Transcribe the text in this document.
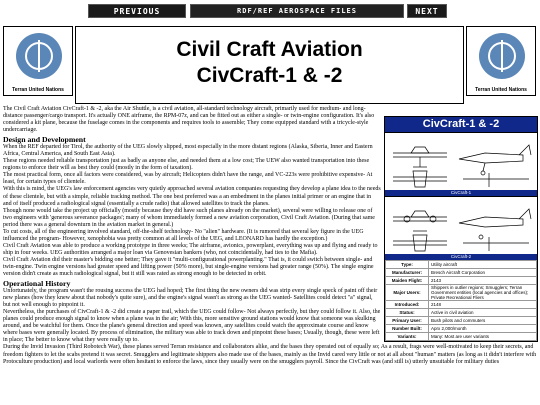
PREVIOUS	RDF/REF AEROSPACE FILES	NEXT
Terran United Nations	Terran United Nations
Civil Craft Aviation
CivCraft-1 & -2
CivCraft-1 & -2
CivCraft-1
CivCraft-2
Type:	Utility aircraft
Manufacturer:	Bresch Aircraft Corporation
Maiden Flight:	2143
Major Users:	Shippers in outlier regions; Smugglers; Terran Government entities (local agencies and offices); Private Recreational Fliers
Introduced:	2148
Status:	Active in civil aviation
Primary User:	Bush pilots and commuters
Number Built:	Aprx 2,000/month
Variants:	Many: Most are user variants

The Civil Craft Aviation CivCraft-1 & -2, aka the Air Shuttle, is a civil aviation, all-standard technology aircraft, primarily used for medium- and long-distance passenger/cargo transport. It's actually ONE airframe, the RPM-07z, and can be fitted out as either a single- or twin-engine configuration. It's also considered a kit plane, because the fuselage comes in the components and requires tools to assemble; They come equipped standard with a tricycle-style undercarriage.

Design and Development

When the REF departed for Tirol, the authority of the UEG slowly slipped, most especially in the more distant regions (Alaska, Siberia, Inner and Eastern Africa, Central America, and South East Asia).

These regions needed reliable transportation just as badly as anyone else, and needed them at a low cost; The UEW also wanted transportation into these regions to enforce their will as best they could (mostly in the form of taxation).

The most practical form, once all factors were considered, was by aircraft; Helicopters didn't have the range, and VC-223s were prohibitive expensive- At least, for certain types of clientele.

With this is mind, the UEG's law enforcement agencies very quietly approached several aviation companies requesting they develop a plane idea to the needs of these clientele, but with a simple, reliable tracking method. The one best preferred was a an embedment in the planes initial primer or an engine that in and of itself produced a radiological signal (essentially a crude radio) that allowed satellites to track the planes.

Though none would take the project up officially (mostly because they did have such planes already on the market), several were willing to release one of two engineers with 'generous severance packages'; many of whom immediately formed a new aviation corporation, Civil Craft Aviation. (During that same period there was a general downturn in the aviation market in general.)

To cut costs, all of the engineering involved standard, off-the-shelf technology- No "alien" hardware. (It is rumored that several key figure in the UEG influenced the program- However, xenophobia was pretty common at all levels of the UEG, and LEONARD has hardly the exception.)

Civil Craft Aviation was able to produce a working prototype in three weeks; The airframe, avionics, powerplant, everything was up and flying and ready to ship in four weeks. UEG authorities arranged a major loan via Genovesian bankers (who, not coincidentally, had ties to the Mafia).

Civil Craft Aviation did their master's bidding one better; They gave it "multi-configurational powerplanting." That is, it could switch between single- and twin-engine. Twin engine versions had greater speed and lifting power (50% more), but single-engine versions had greater range (50%). The single engine version didn't create as much radiological signal, but it still was rated as strong enough to be detected in orbit.

Operational History

Unfortunately, the program wasn't the rousing success the UEG had hoped; The first thing the new owners did was strip every single speck of paint off their new planes (how they knew about that nobody's quite sure), and the engine's signal wasn't as strong as the UEG wanted- Satellites could detect "a" signal, but not well enough to pinpoint it.

Nevertheless, the purchases of CivCraft-1 & -2 did create a paper trail, which the UEG could follow- Not always perfectly, but they could follow it. Also, the planes could produce enough signal to know when a plane was in the air; With this, more sensitive ground stations would know that someone was skulking around, and be watchful for them. Once the plane's general direction and speed was known, any satellites could watch the approximate course and know where bases were generally located. By process of elimination, the military was able to track down and pinpoint these bases; Usually, though, these were left in place; The better to know what they were really up to.

During the Invid Invasion (Third Robotech War), these planes served Terran resistance and collaborators alike, and the bases they operated out of equally so; As a result, frags were well-motivated to keep their secrets, and freedom fighters to let the scabs pretend it was secret. Smugglers and legitimate shippers also made use of the bases, mainly as the Invid cared very little or not at all about "human" matters (as long as it didn't interfere with Protoculture production) and local warlords were often hesitant to enforce the laws, since they usually were on the smugglers payroll. Since the CivCraft was (and still is) utterly unsuitable for military duties
